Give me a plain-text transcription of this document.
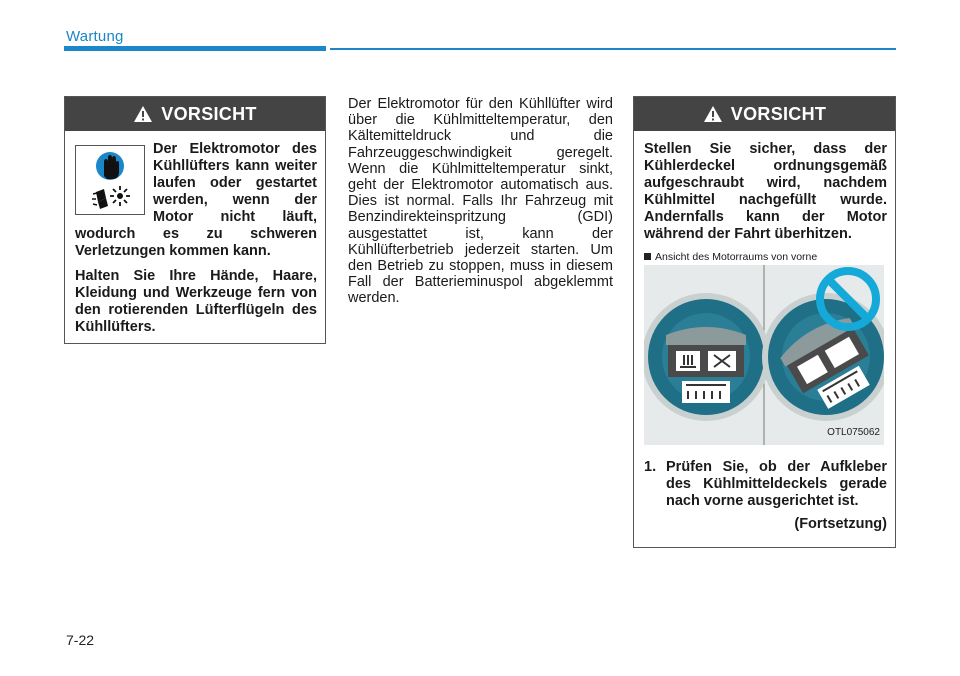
Wartung
VORSICHT
Der Elektromotor des Kühllüfters kann weiter laufen oder gestartet werden, wenn der Motor nicht läuft, wodurch es zu schweren Verletzungen kommen kann.
Halten Sie Ihre Hände, Haare, Kleidung und Werkzeuge fern von den rotierenden Lüfterflügeln des Kühllüfters.
Der Elektromotor für den Kühllüfter wird über die Kühlmitteltemperatur, den Kältemitteldruck und die Fahrzeuggeschwindigkeit geregelt. Wenn die Kühlmitteltemperatur sinkt, geht der Elektromotor automatisch aus. Dies ist normal. Falls Ihr Fahrzeug mit Benzindirekteinspritzung (GDI) ausgestattet ist, kann der Kühllüfterbetrieb jederzeit starten. Um den Betrieb zu stoppen, muss in diesem Fall der Batterieminuspol abgeklemmt werden.
VORSICHT
Stellen Sie sicher, dass der Kühlerdeckel ordnungsgemäß aufgeschraubt wird, nachdem Kühlmittel nachgefüllt wurde. Andernfalls kann der Motor während der Fahrt überhitzen.
Ansicht des Motorraums von vorne
OTL075062
1. Prüfen Sie, ob der Aufkleber des Kühlmitteldeckels gerade nach vorne ausgerichtet ist.
(Fortsetzung)
7-22
